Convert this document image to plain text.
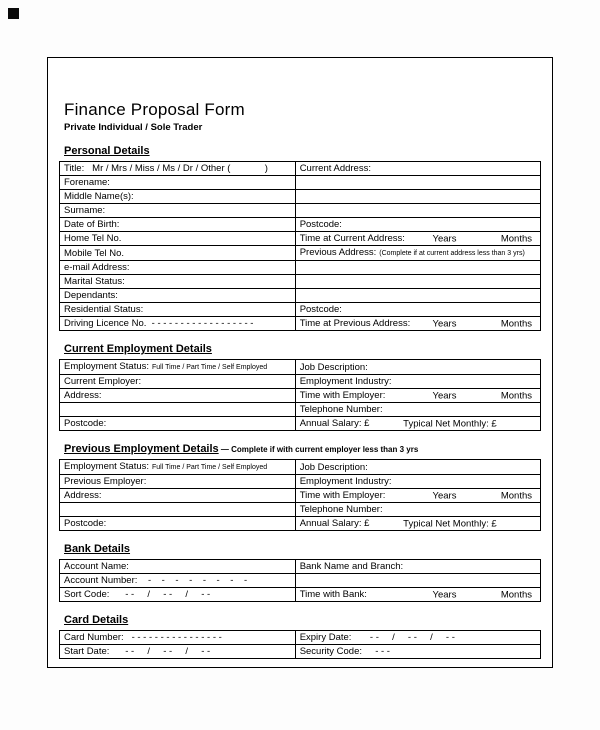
Finance Proposal Form
Private Individual / Sole Trader
Personal Details
Title:   Mr / Mrs / Miss / Ms / Dr / Other (             )	Current Address:
Forename:	
Middle Name(s):	
Surname:	
Date of Birth:	Postcode:
Home Tel No.	Time at Current Address: Years Months

Mobile Tel No.	Previous Address: (Complete if at current address less than 3 yrs)
e-mail Address:	
Marital Status:	
Dependants:	
Residential Status:	Postcode:
Driving Licence No.  - - - - - - - - - - - - - - - - - -	Time at Previous Address: Years Months
Current Employment Details
Employment Status: Full Time / Part Time / Self Employed	Job Description:
Current Employer:	Employment Industry:
Address:	Time with Employer: Years Months

	Telephone Number:
Postcode:	Annual Salary: £ Typical Net Monthly: £
Previous Employment Details — Complete if with current employer less than 3 yrs
Employment Status: Full Time / Part Time / Self Employed	Job Description:
Previous Employer:	Employment Industry:
Address:	Time with Employer: Years Months

	Telephone Number:
Postcode:	Annual Salary: £ Typical Net Monthly: £
Bank Details
Account Name:	Bank Name and Branch:
Account Number:    -    -    -    -    -    -    -    -	
Sort Code:      - -     /     - -     /     - -	Time with Bank: Years Months
Card Details
Card Number:   - - - - - - - - - - - - - - - -	Expiry Date:       - -     /     - -     /     - -
Start Date:      - -     /     - -     /     - -	Security Code:     - - -
